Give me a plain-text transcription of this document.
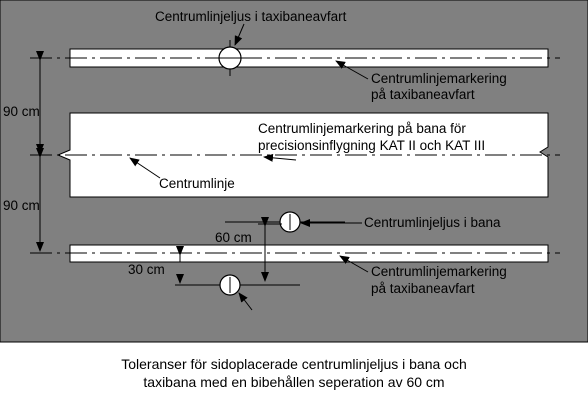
Centrumlinjeljus i taxibaneavfart
Centrumlinjemarkering
på taxibaneavfart
90 cm
Centrumlinjemarkering på bana för
precisionsinflygning KAT II och KAT III
Centrumlinje
90 cm
Centrumlinjeljus i bana
60 cm
Centrumlinjemarkering
på taxibaneavfart
30 cm
Toleranser för sidoplacerade centrumlinjeljus i bana och
taxibana med en bibehållen seperation av 60 cm
